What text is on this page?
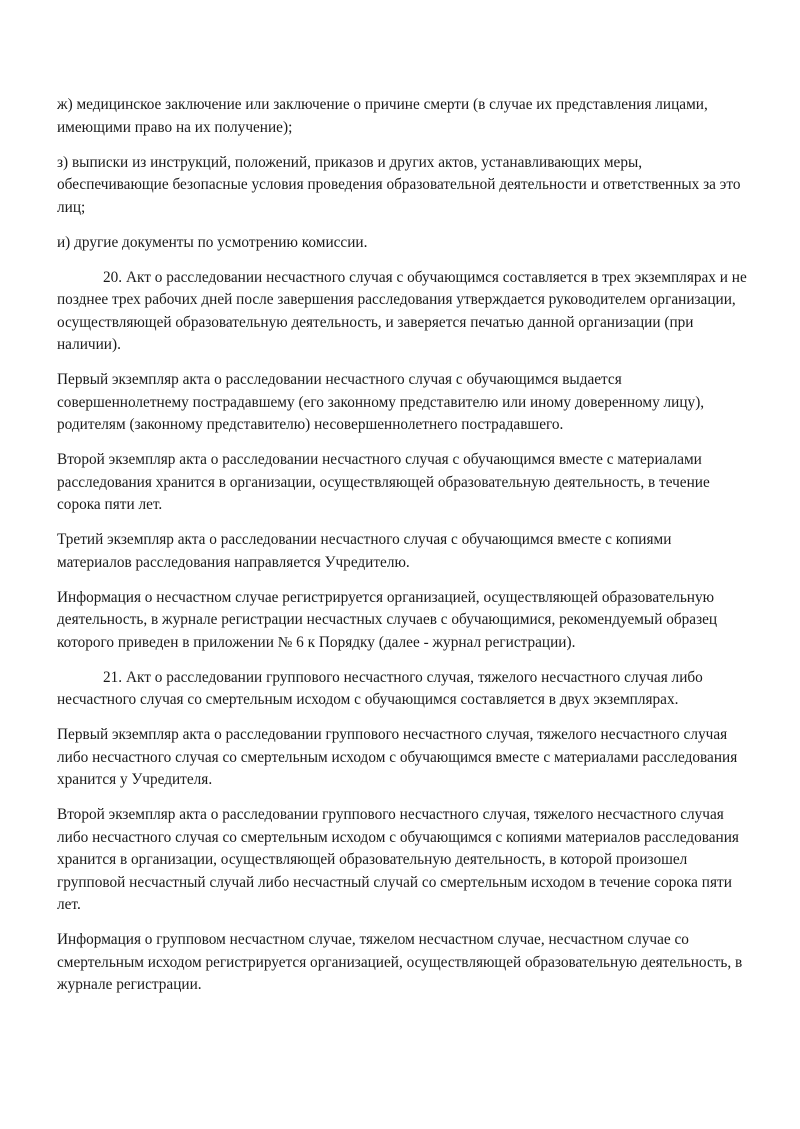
ж) медицинское заключение или заключение о причине смерти (в случае их представления лицами, имеющими право на их получение);

з) выписки из инструкций, положений, приказов и других актов, устанавливающих меры, обеспечивающие безопасные условия проведения образовательной деятельности и ответственных за это лиц;

и) другие документы по усмотрению комиссии.

20. Акт о расследовании несчастного случая с обучающимся составляется в трех экземплярах и не позднее трех рабочих дней после завершения расследования утверждается руководителем организации, осуществляющей образовательную деятельность, и заверяется печатью данной организации (при наличии).

Первый экземпляр акта о расследовании несчастного случая с обучающимся выдается совершеннолетнему пострадавшему (его законному представителю или иному доверенному лицу), родителям (законному представителю) несовершеннолетнего пострадавшего.

Второй экземпляр акта о расследовании несчастного случая с обучающимся вместе с материалами расследования хранится в организации, осуществляющей образовательную деятельность, в течение сорока пяти лет.

Третий экземпляр акта о расследовании несчастного случая с обучающимся вместе с копиями материалов расследования направляется Учредителю.

Информация о несчастном случае регистрируется организацией, осуществляющей образовательную деятельность, в журнале регистрации несчастных случаев с обучающимися, рекомендуемый образец которого приведен в приложении № 6 к Порядку (далее - журнал регистрации).

21. Акт о расследовании группового несчастного случая, тяжелого несчастного случая либо несчастного случая со смертельным исходом с обучающимся составляется в двух экземплярах.

Первый экземпляр акта о расследовании группового несчастного случая, тяжелого несчастного случая либо несчастного случая со смертельным исходом с обучающимся вместе с материалами расследования хранится у Учредителя.

Второй экземпляр акта о расследовании группового несчастного случая, тяжелого несчастного случая либо несчастного случая со смертельным исходом с обучающимся с копиями материалов расследования хранится в организации, осуществляющей образовательную деятельность, в которой произошел групповой несчастный случай либо несчастный случай со смертельным исходом в течение сорока пяти лет.

Информация о групповом несчастном случае, тяжелом несчастном случае, несчастном случае со смертельным исходом регистрируется организацией, осуществляющей образовательную деятельность, в журнале регистрации.
